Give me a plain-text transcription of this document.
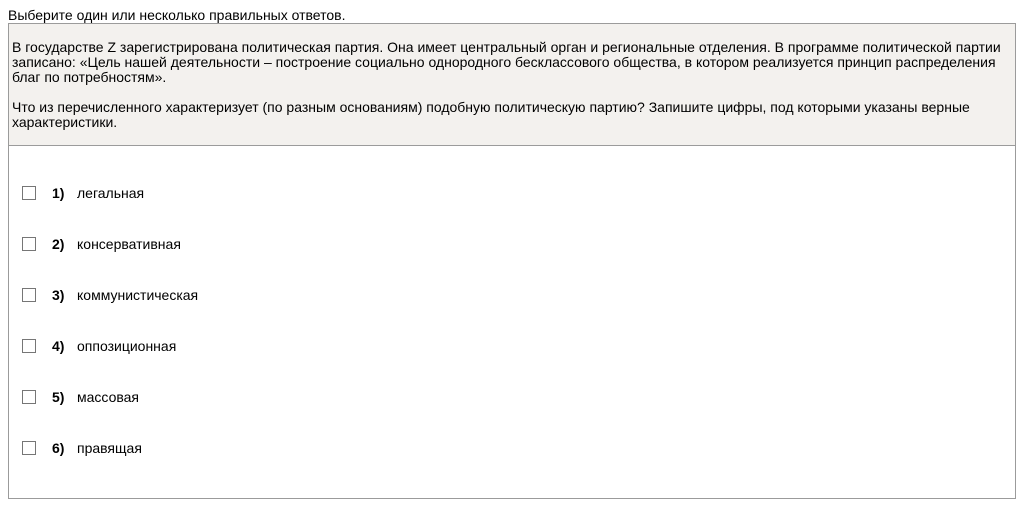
Выберите один или несколько правильных ответов.

В государстве Z зарегистрирована политическая партия. Она имеет центральный орган и региональные отделения. В программе политической партии записано: «Цель нашей деятельности – построение социально однородного бесклассового общества, в котором реализуется принцип распределения благ по потребностям».

Что из перечисленного характеризует (по разным основаниям) подобную политическую партию? Запишите цифры, под которыми указаны верные характеристики.

1) легальная
2) консервативная
3) коммунистическая
4) оппозиционная
5) массовая
6) правящая
